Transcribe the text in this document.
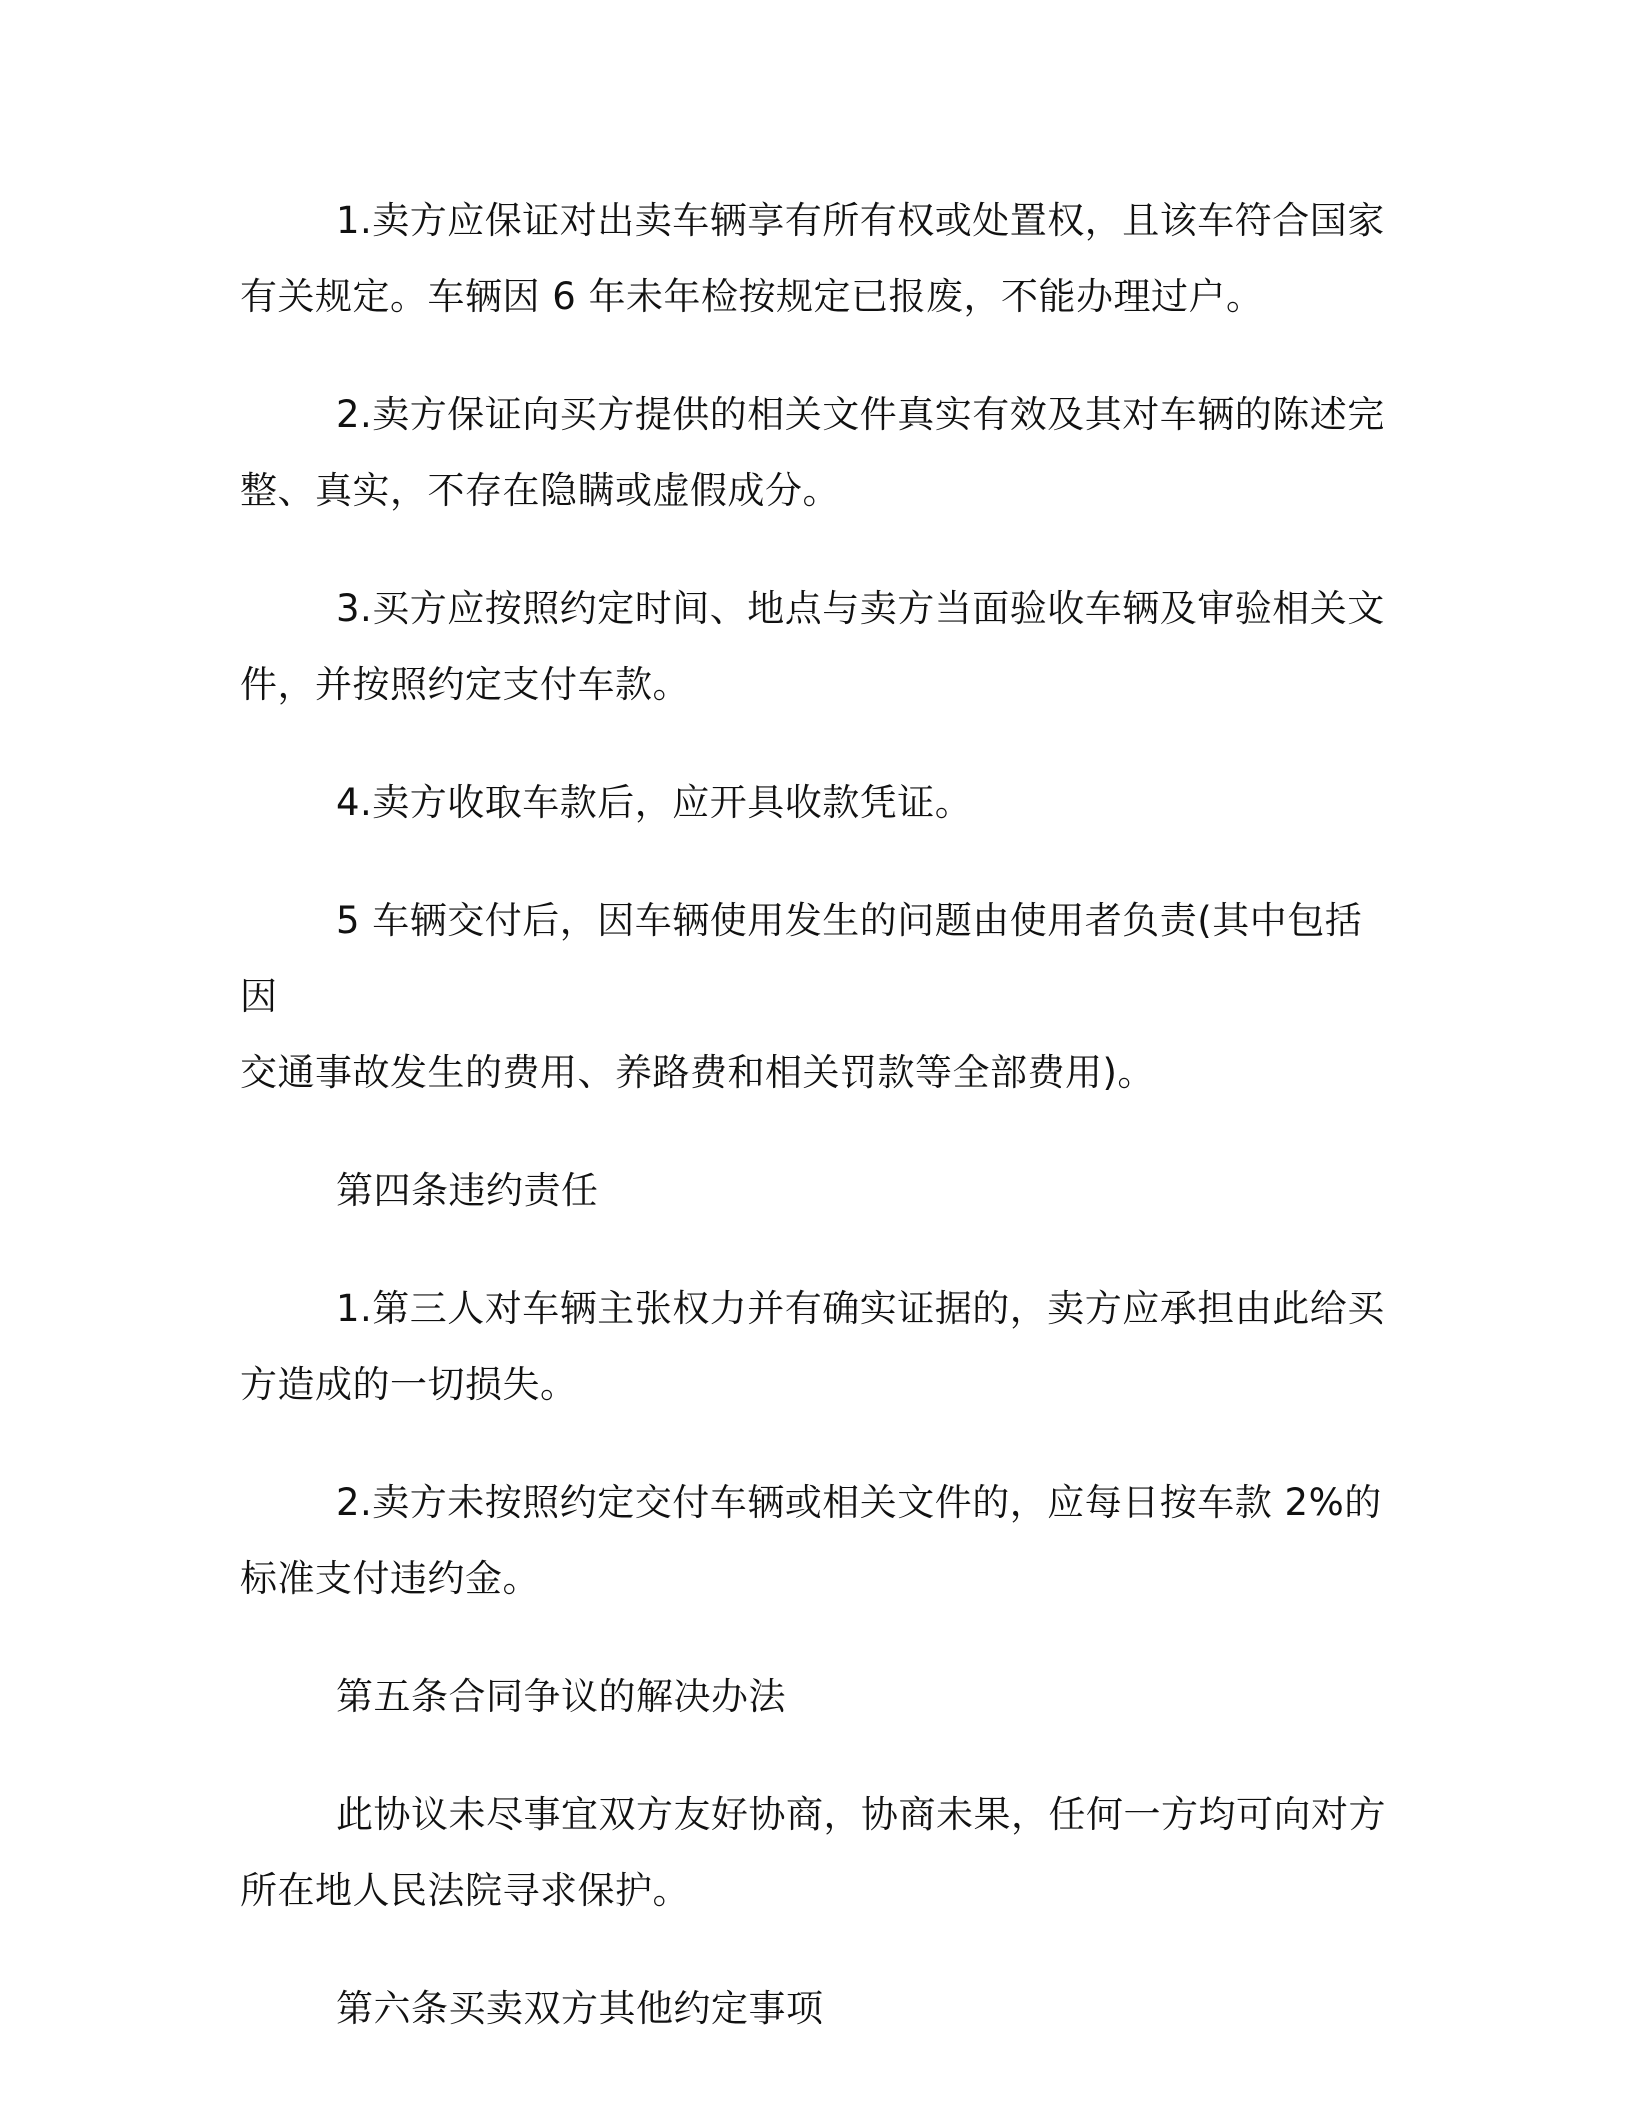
1.卖方应保证对出卖车辆享有所有权或处置权，且该车符合国家
有关规定。车辆因 6 年未年检按规定已报废，不能办理过户。

2.卖方保证向买方提供的相关文件真实有效及其对车辆的陈述完
整、真实，不存在隐瞒或虚假成分。

3.买方应按照约定时间、地点与卖方当面验收车辆及审验相关文
件，并按照约定支付车款。

4.卖方收取车款后，应开具收款凭证。

5 车辆交付后，因车辆使用发生的问题由使用者负责(其中包括因
交通事故发生的费用、养路费和相关罚款等全部费用)。

第四条违约责任

1.第三人对车辆主张权力并有确实证据的，卖方应承担由此给买
方造成的一切损失。

2.卖方未按照约定交付车辆或相关文件的，应每日按车款 2%的
标准支付违约金。

第五条合同争议的解决办法

此协议未尽事宜双方友好协商，协商未果，任何一方均可向对方
所在地人民法院寻求保护。

第六条买卖双方其他约定事项
